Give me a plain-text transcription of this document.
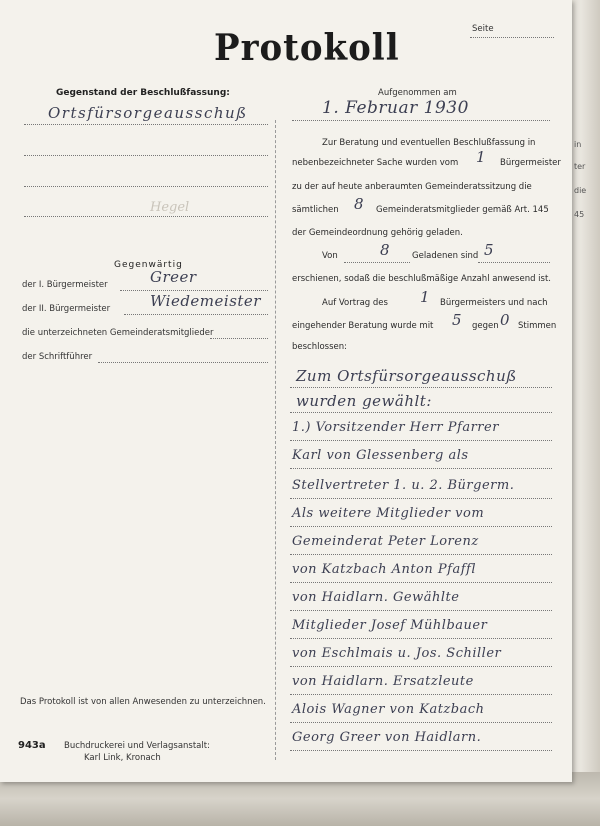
in
ter
die
45
Protokoll	Seite
Gegenstand der Beschlußfassung:
Ortsfürsorgeausschuß
Hegel
Gegenwärtig
der I. Bürgermeister	Greer
der II. Bürgermeister	Wiedemeister
die unterzeichneten Gemeinderatsmitglieder
der Schriftführer
Das Protokoll ist von allen Anwesenden zu unterzeichnen.
Aufgenommen am
1. Februar 1930
Zur Beratung und eventuellen Beschlußfassung in
nebenbezeichneter Sache wurden vom 1 Bürgermeister
zu der auf heute anberaumten Gemeinderatssitzung die
sämtlichen 8 Gemeinderatsmitglieder gemäß Art. 145
der Gemeindeordnung gehörig geladen.
Von	8	Geladenen sind 5
erschienen, sodaß die beschlußmäßige Anzahl anwesend ist.
Auf Vortrag des 1 Bürgermeisters und nach
eingehender Beratung wurde mit 5 gegen 0 Stimmen
beschlossen:
Zum Ortsfürsorgeausschuß
wurden gewählt:
1.) Vorsitzender Herr Pfarrer
Karl von Glessenberg als
Stellvertreter 1. u. 2. Bürgerm.
Als weitere Mitglieder vom
Gemeinderat Peter Lorenz
von Katzbach Anton Pfaffl
von Haidlarn. Gewählte
Mitglieder Josef Mühlbauer
von Eschlmais u. Jos. Schiller
von Haidlarn. Ersatzleute
Alois Wagner von Katzbach
Georg Greer von Haidlarn.
943a Buchdruckerei und Verlagsanstalt:
Karl Link, Kronach
